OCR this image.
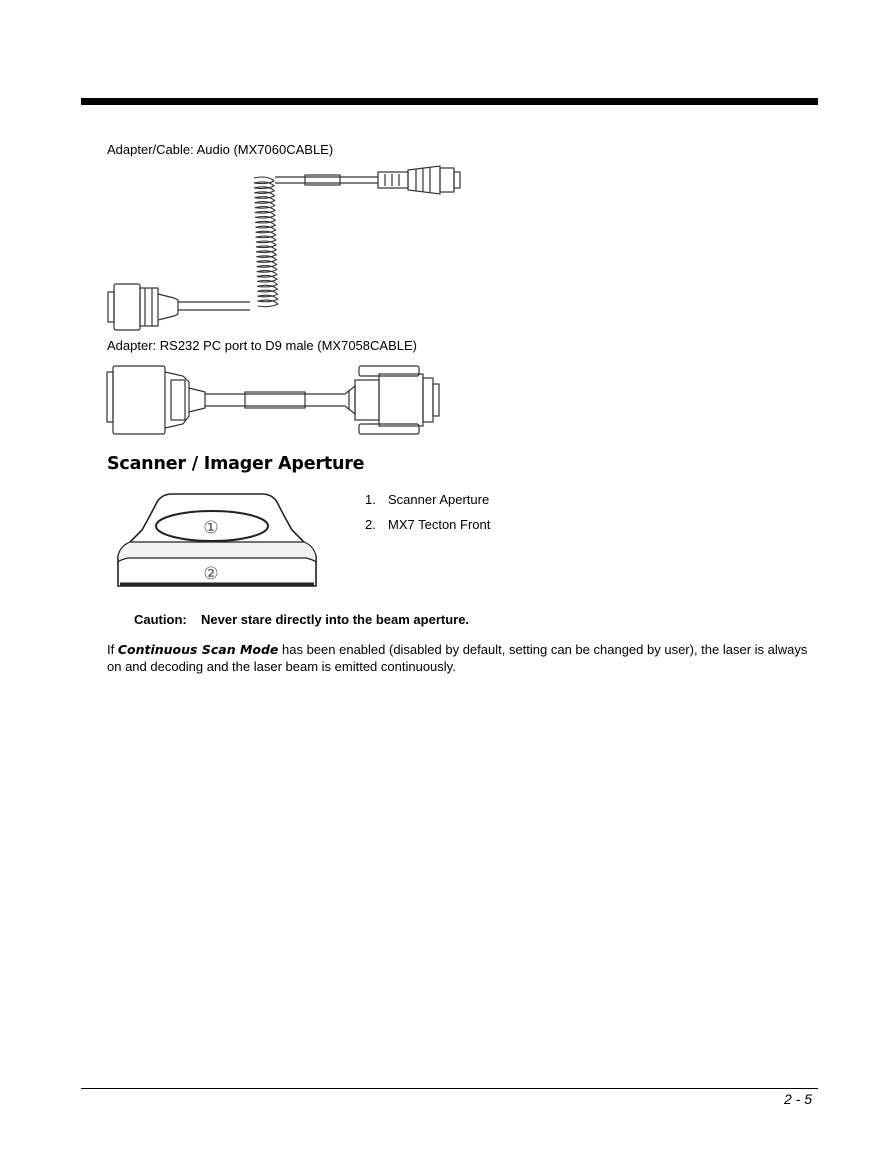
Adapter/Cable: Audio (MX7060CABLE)
Adapter: RS232 PC port to D9 male (MX7058CABLE)
Scanner / Imager Aperture
①
②
1. Scanner Aperture
2. MX7 Tecton Front
Caution: Never stare directly into the beam aperture.
If Continuous Scan Mode has been enabled (disabled by default, setting can be changed by user), the laser is always on and decoding and the laser beam is emitted continuously.
2 - 5
